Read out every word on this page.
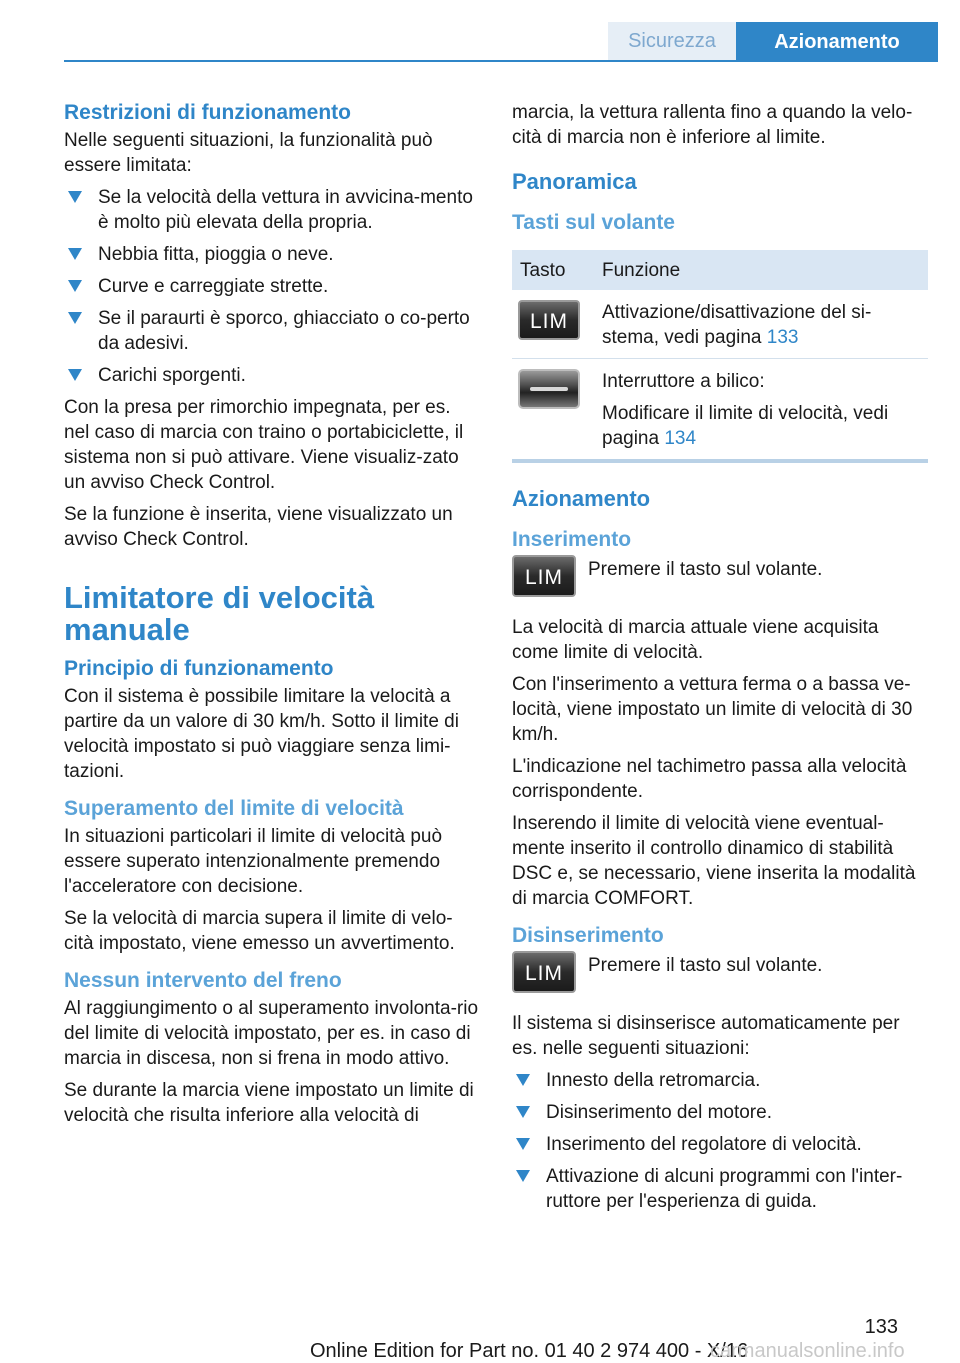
Sicurezza	Azionamento
Restrizioni di funzionamento

Nelle seguenti situazioni, la funzionalità può essere limitata:

Se la velocità della vettura in avvicina-mento è molto più elevata della propria.
Nebbia fitta, pioggia o neve.
Curve e carreggiate strette.
Se il paraurti è sporco, ghiacciato o co-perto da adesivi.
Carichi sporgenti.

Con la presa per rimorchio impegnata, per es. nel caso di marcia con traino o portabiciclette, il sistema non si può attivare. Viene visualiz-zato un avviso Check Control.

Se la funzione è inserita, viene visualizzato un avviso Check Control.

Limitatore di velocità manuale
Principio di funzionamento

Con il sistema è possibile limitare la velocità a partire da un valore di 30 km/h. Sotto il limite di velocità impostato si può viaggiare senza limi-tazioni.

Superamento del limite di velocità

In situazioni particolari il limite di velocità può essere superato intenzionalmente premendo l'acceleratore con decisione.

Se la velocità di marcia supera il limite di velo-cità impostato, viene emesso un avvertimento.

Nessun intervento del freno

Al raggiungimento o al superamento involonta-rio del limite di velocità impostato, per es. in caso di marcia in discesa, non si frena in modo attivo.

Se durante la marcia viene impostato un limite di velocità che risulta inferiore alla velocità di

marcia, la vettura rallenta fino a quando la velo-cità di marcia non è inferiore al limite.

Panoramica
Tasti sul volante
Tasto	Funzione
LIM	Attivazione/disattivazione del si-stema, vedi pagina 133

	Interruttore a bilico:

Modificare il limite di velocità, vedi pagina 134
Azionamento
Inserimento
LIM	Premere il tasto sul volante.

La velocità di marcia attuale viene acquisita come limite di velocità.

Con l'inserimento a vettura ferma o a bassa ve-locità, viene impostato un limite di velocità di 30 km/h.

L'indicazione nel tachimetro passa alla velocità corrispondente.

Inserendo il limite di velocità viene eventual-mente inserito il controllo dinamico di stabilità DSC e, se necessario, viene inserita la modalità di marcia COMFORT.

Disinserimento
LIM	Premere il tasto sul volante.

Il sistema si disinserisce automaticamente per es. nelle seguenti situazioni:

Innesto della retromarcia.
Disinserimento del motore.
Inserimento del regolatore di velocità.
Attivazione di alcuni programmi con l'inter-ruttore per l'esperienza di guida.
133
Online Edition for Part no. 01 40 2 974 400 - X/16
carmanualsonline.info
